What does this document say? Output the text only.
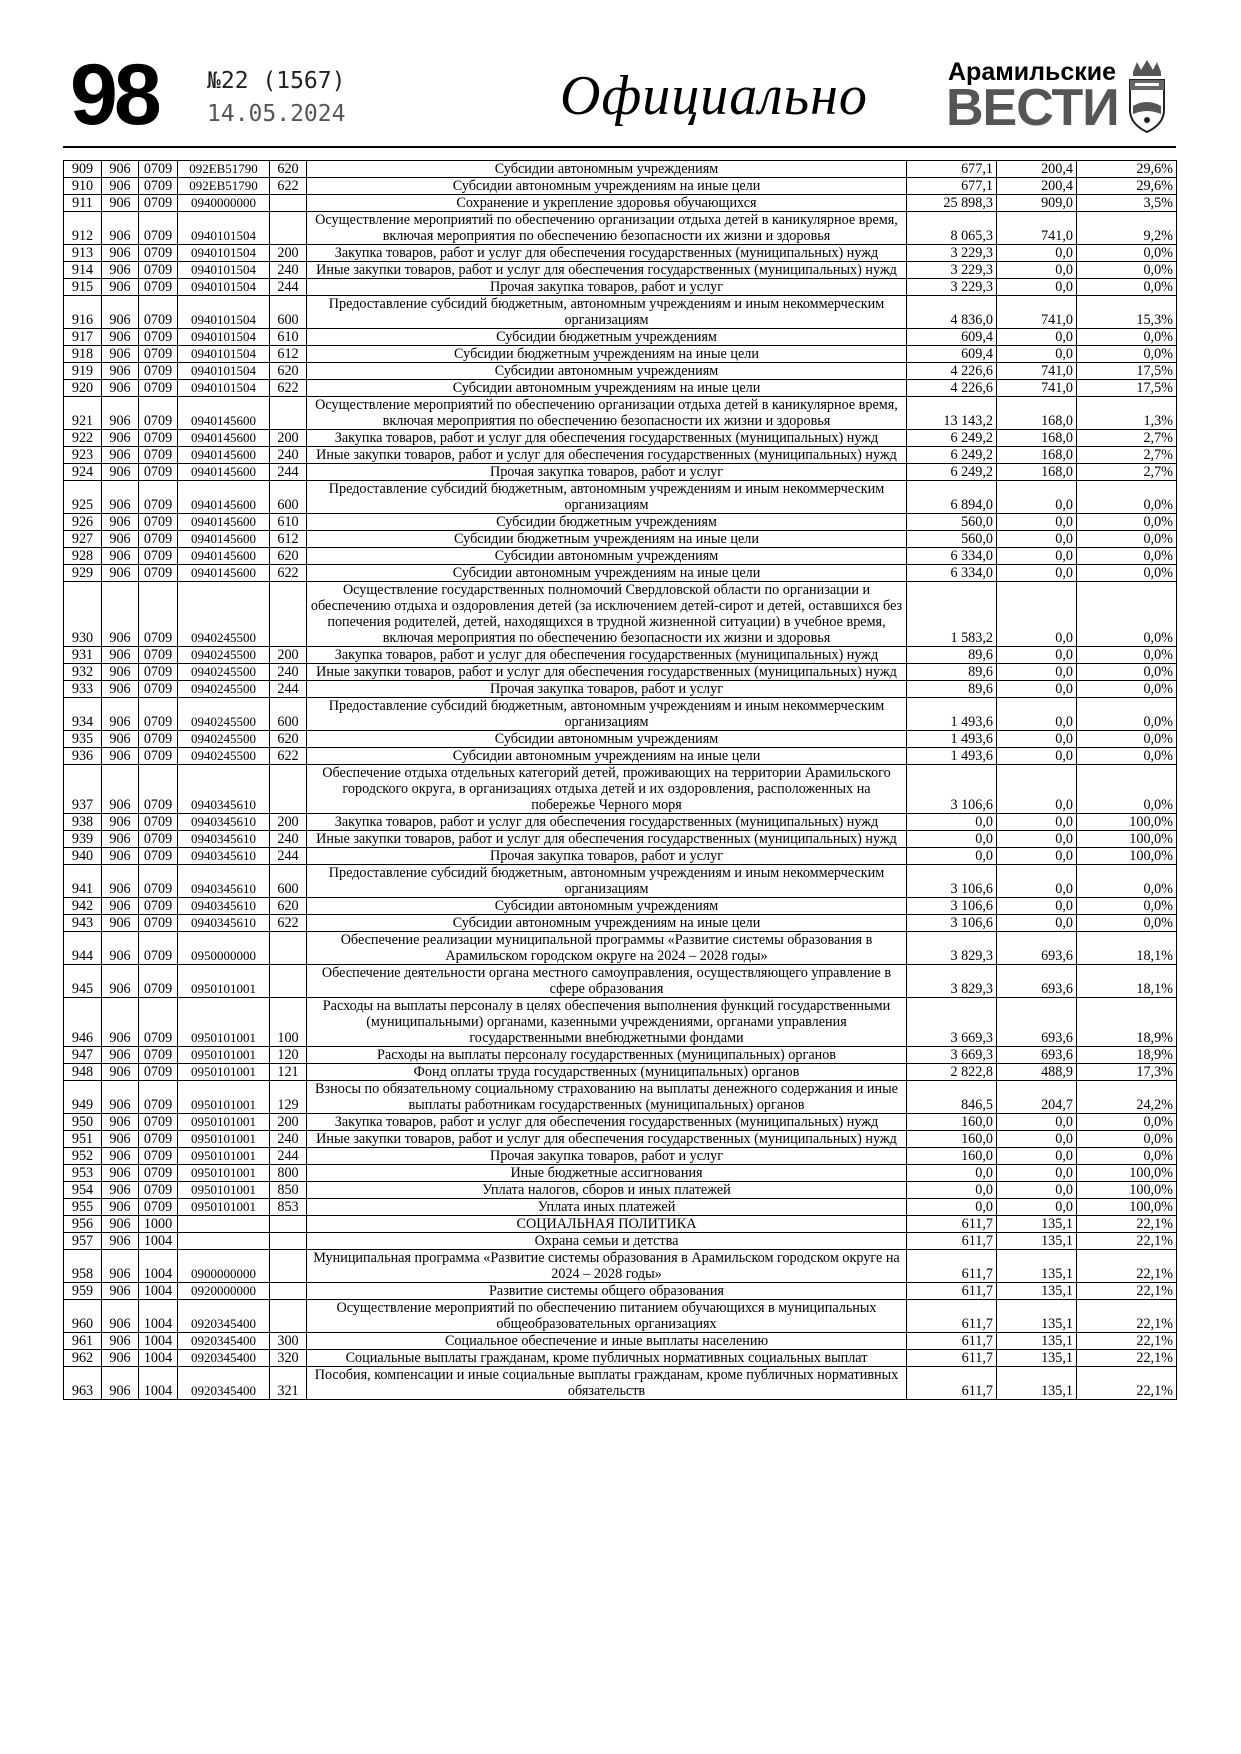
98 №22 (1567)
14.05.2024	Официально	Арамильские
ВЕСТИ
909	906	0709	092EB51790	620	Субсидии автономным учреждениям	677,1	200,4	29,6%
910	906	0709	092EB51790	622	Субсидии автономным учреждениям на иные цели	677,1	200,4	29,6%
911	906	0709	0940000000		Сохранение и укрепление здоровья обучающихся	25 898,3	909,0	3,5%
912	906	0709	0940101504		Осуществление мероприятий по обеспечению организации отдыха детей в каникулярное время, включая мероприятия по обеспечению безопасности их жизни и здоровья	8 065,3	741,0	9,2%
913	906	0709	0940101504	200	Закупка товаров, работ и услуг для обеспечения государственных (муниципальных) нужд	3 229,3	0,0	0,0%
914	906	0709	0940101504	240	Иные закупки товаров, работ и услуг для обеспечения государственных (муниципальных) нужд	3 229,3	0,0	0,0%
915	906	0709	0940101504	244	Прочая закупка товаров, работ и услуг	3 229,3	0,0	0,0%
916	906	0709	0940101504	600	Предоставление субсидий бюджетным, автономным учреждениям и иным некоммерческим организациям	4 836,0	741,0	15,3%
917	906	0709	0940101504	610	Субсидии бюджетным учреждениям	609,4	0,0	0,0%
918	906	0709	0940101504	612	Субсидии бюджетным учреждениям на иные цели	609,4	0,0	0,0%
919	906	0709	0940101504	620	Субсидии автономным учреждениям	4 226,6	741,0	17,5%
920	906	0709	0940101504	622	Субсидии автономным учреждениям на иные цели	4 226,6	741,0	17,5%
921	906	0709	0940145600		Осуществление мероприятий по обеспечению организации отдыха детей в каникулярное время, включая мероприятия по обеспечению безопасности их жизни и здоровья	13 143,2	168,0	1,3%
922	906	0709	0940145600	200	Закупка товаров, работ и услуг для обеспечения государственных (муниципальных) нужд	6 249,2	168,0	2,7%
923	906	0709	0940145600	240	Иные закупки товаров, работ и услуг для обеспечения государственных (муниципальных) нужд	6 249,2	168,0	2,7%
924	906	0709	0940145600	244	Прочая закупка товаров, работ и услуг	6 249,2	168,0	2,7%
925	906	0709	0940145600	600	Предоставление субсидий бюджетным, автономным учреждениям и иным некоммерческим организациям	6 894,0	0,0	0,0%
926	906	0709	0940145600	610	Субсидии бюджетным учреждениям	560,0	0,0	0,0%
927	906	0709	0940145600	612	Субсидии бюджетным учреждениям на иные цели	560,0	0,0	0,0%
928	906	0709	0940145600	620	Субсидии автономным учреждениям	6 334,0	0,0	0,0%
929	906	0709	0940145600	622	Субсидии автономным учреждениям на иные цели	6 334,0	0,0	0,0%
930	906	0709	0940245500		Осуществление государственных полномочий Свердловской области по организации и обеспечению отдыха и оздоровления детей (за исключением детей-сирот и детей, оставшихся без попечения родителей, детей, находящихся в трудной жизненной ситуации) в учебное время, включая мероприятия по обеспечению безопасности их жизни и здоровья	1 583,2	0,0	0,0%
931	906	0709	0940245500	200	Закупка товаров, работ и услуг для обеспечения государственных (муниципальных) нужд	89,6	0,0	0,0%
932	906	0709	0940245500	240	Иные закупки товаров, работ и услуг для обеспечения государственных (муниципальных) нужд	89,6	0,0	0,0%
933	906	0709	0940245500	244	Прочая закупка товаров, работ и услуг	89,6	0,0	0,0%
934	906	0709	0940245500	600	Предоставление субсидий бюджетным, автономным учреждениям и иным некоммерческим организациям	1 493,6	0,0	0,0%
935	906	0709	0940245500	620	Субсидии автономным учреждениям	1 493,6	0,0	0,0%
936	906	0709	0940245500	622	Субсидии автономным учреждениям на иные цели	1 493,6	0,0	0,0%
937	906	0709	0940345610		Обеспечение отдыха отдельных категорий детей, проживающих на территории Арамильского городского округа, в организациях отдыха детей и их оздоровления, расположенных на побережье Черного моря	3 106,6	0,0	0,0%
938	906	0709	0940345610	200	Закупка товаров, работ и услуг для обеспечения государственных (муниципальных) нужд	0,0	0,0	100,0%
939	906	0709	0940345610	240	Иные закупки товаров, работ и услуг для обеспечения государственных (муниципальных) нужд	0,0	0,0	100,0%
940	906	0709	0940345610	244	Прочая закупка товаров, работ и услуг	0,0	0,0	100,0%
941	906	0709	0940345610	600	Предоставление субсидий бюджетным, автономным учреждениям и иным некоммерческим организациям	3 106,6	0,0	0,0%
942	906	0709	0940345610	620	Субсидии автономным учреждениям	3 106,6	0,0	0,0%
943	906	0709	0940345610	622	Субсидии автономным учреждениям на иные цели	3 106,6	0,0	0,0%
944	906	0709	0950000000		Обеспечение реализации муниципальной программы «Развитие системы образования в Арамильском городском округе на 2024 – 2028 годы»	3 829,3	693,6	18,1%
945	906	0709	0950101001		Обеспечение деятельности органа местного самоуправления, осуществляющего управление в сфере образования	3 829,3	693,6	18,1%
946	906	0709	0950101001	100	Расходы на выплаты персоналу в целях обеспечения выполнения функций государственными (муниципальными) органами, казенными учреждениями, органами управления государственными внебюджетными фондами	3 669,3	693,6	18,9%
947	906	0709	0950101001	120	Расходы на выплаты персоналу государственных (муниципальных) органов	3 669,3	693,6	18,9%
948	906	0709	0950101001	121	Фонд оплаты труда государственных (муниципальных) органов	2 822,8	488,9	17,3%
949	906	0709	0950101001	129	Взносы по обязательному социальному страхованию на выплаты денежного содержания и иные выплаты работникам государственных (муниципальных) органов	846,5	204,7	24,2%
950	906	0709	0950101001	200	Закупка товаров, работ и услуг для обеспечения государственных (муниципальных) нужд	160,0	0,0	0,0%
951	906	0709	0950101001	240	Иные закупки товаров, работ и услуг для обеспечения государственных (муниципальных) нужд	160,0	0,0	0,0%
952	906	0709	0950101001	244	Прочая закупка товаров, работ и услуг	160,0	0,0	0,0%
953	906	0709	0950101001	800	Иные бюджетные ассигнования	0,0	0,0	100,0%
954	906	0709	0950101001	850	Уплата налогов, сборов и иных платежей	0,0	0,0	100,0%
955	906	0709	0950101001	853	Уплата иных платежей	0,0	0,0	100,0%
956	906	1000			СОЦИАЛЬНАЯ ПОЛИТИКА	611,7	135,1	22,1%
957	906	1004			Охрана семьи и детства	611,7	135,1	22,1%
958	906	1004	0900000000		Муниципальная программа «Развитие системы образования в Арамильском городском округе на 2024 – 2028 годы»	611,7	135,1	22,1%
959	906	1004	0920000000		Развитие системы общего образования	611,7	135,1	22,1%
960	906	1004	0920345400		Осуществление мероприятий по обеспечению питанием обучающихся в муниципальных общеобразовательных организациях	611,7	135,1	22,1%
961	906	1004	0920345400	300	Социальное обеспечение и иные выплаты населению	611,7	135,1	22,1%
962	906	1004	0920345400	320	Социальные выплаты гражданам, кроме публичных нормативных социальных выплат	611,7	135,1	22,1%
963	906	1004	0920345400	321	Пособия, компенсации и иные социальные выплаты гражданам, кроме публичных нормативных обязательств	611,7	135,1	22,1%
